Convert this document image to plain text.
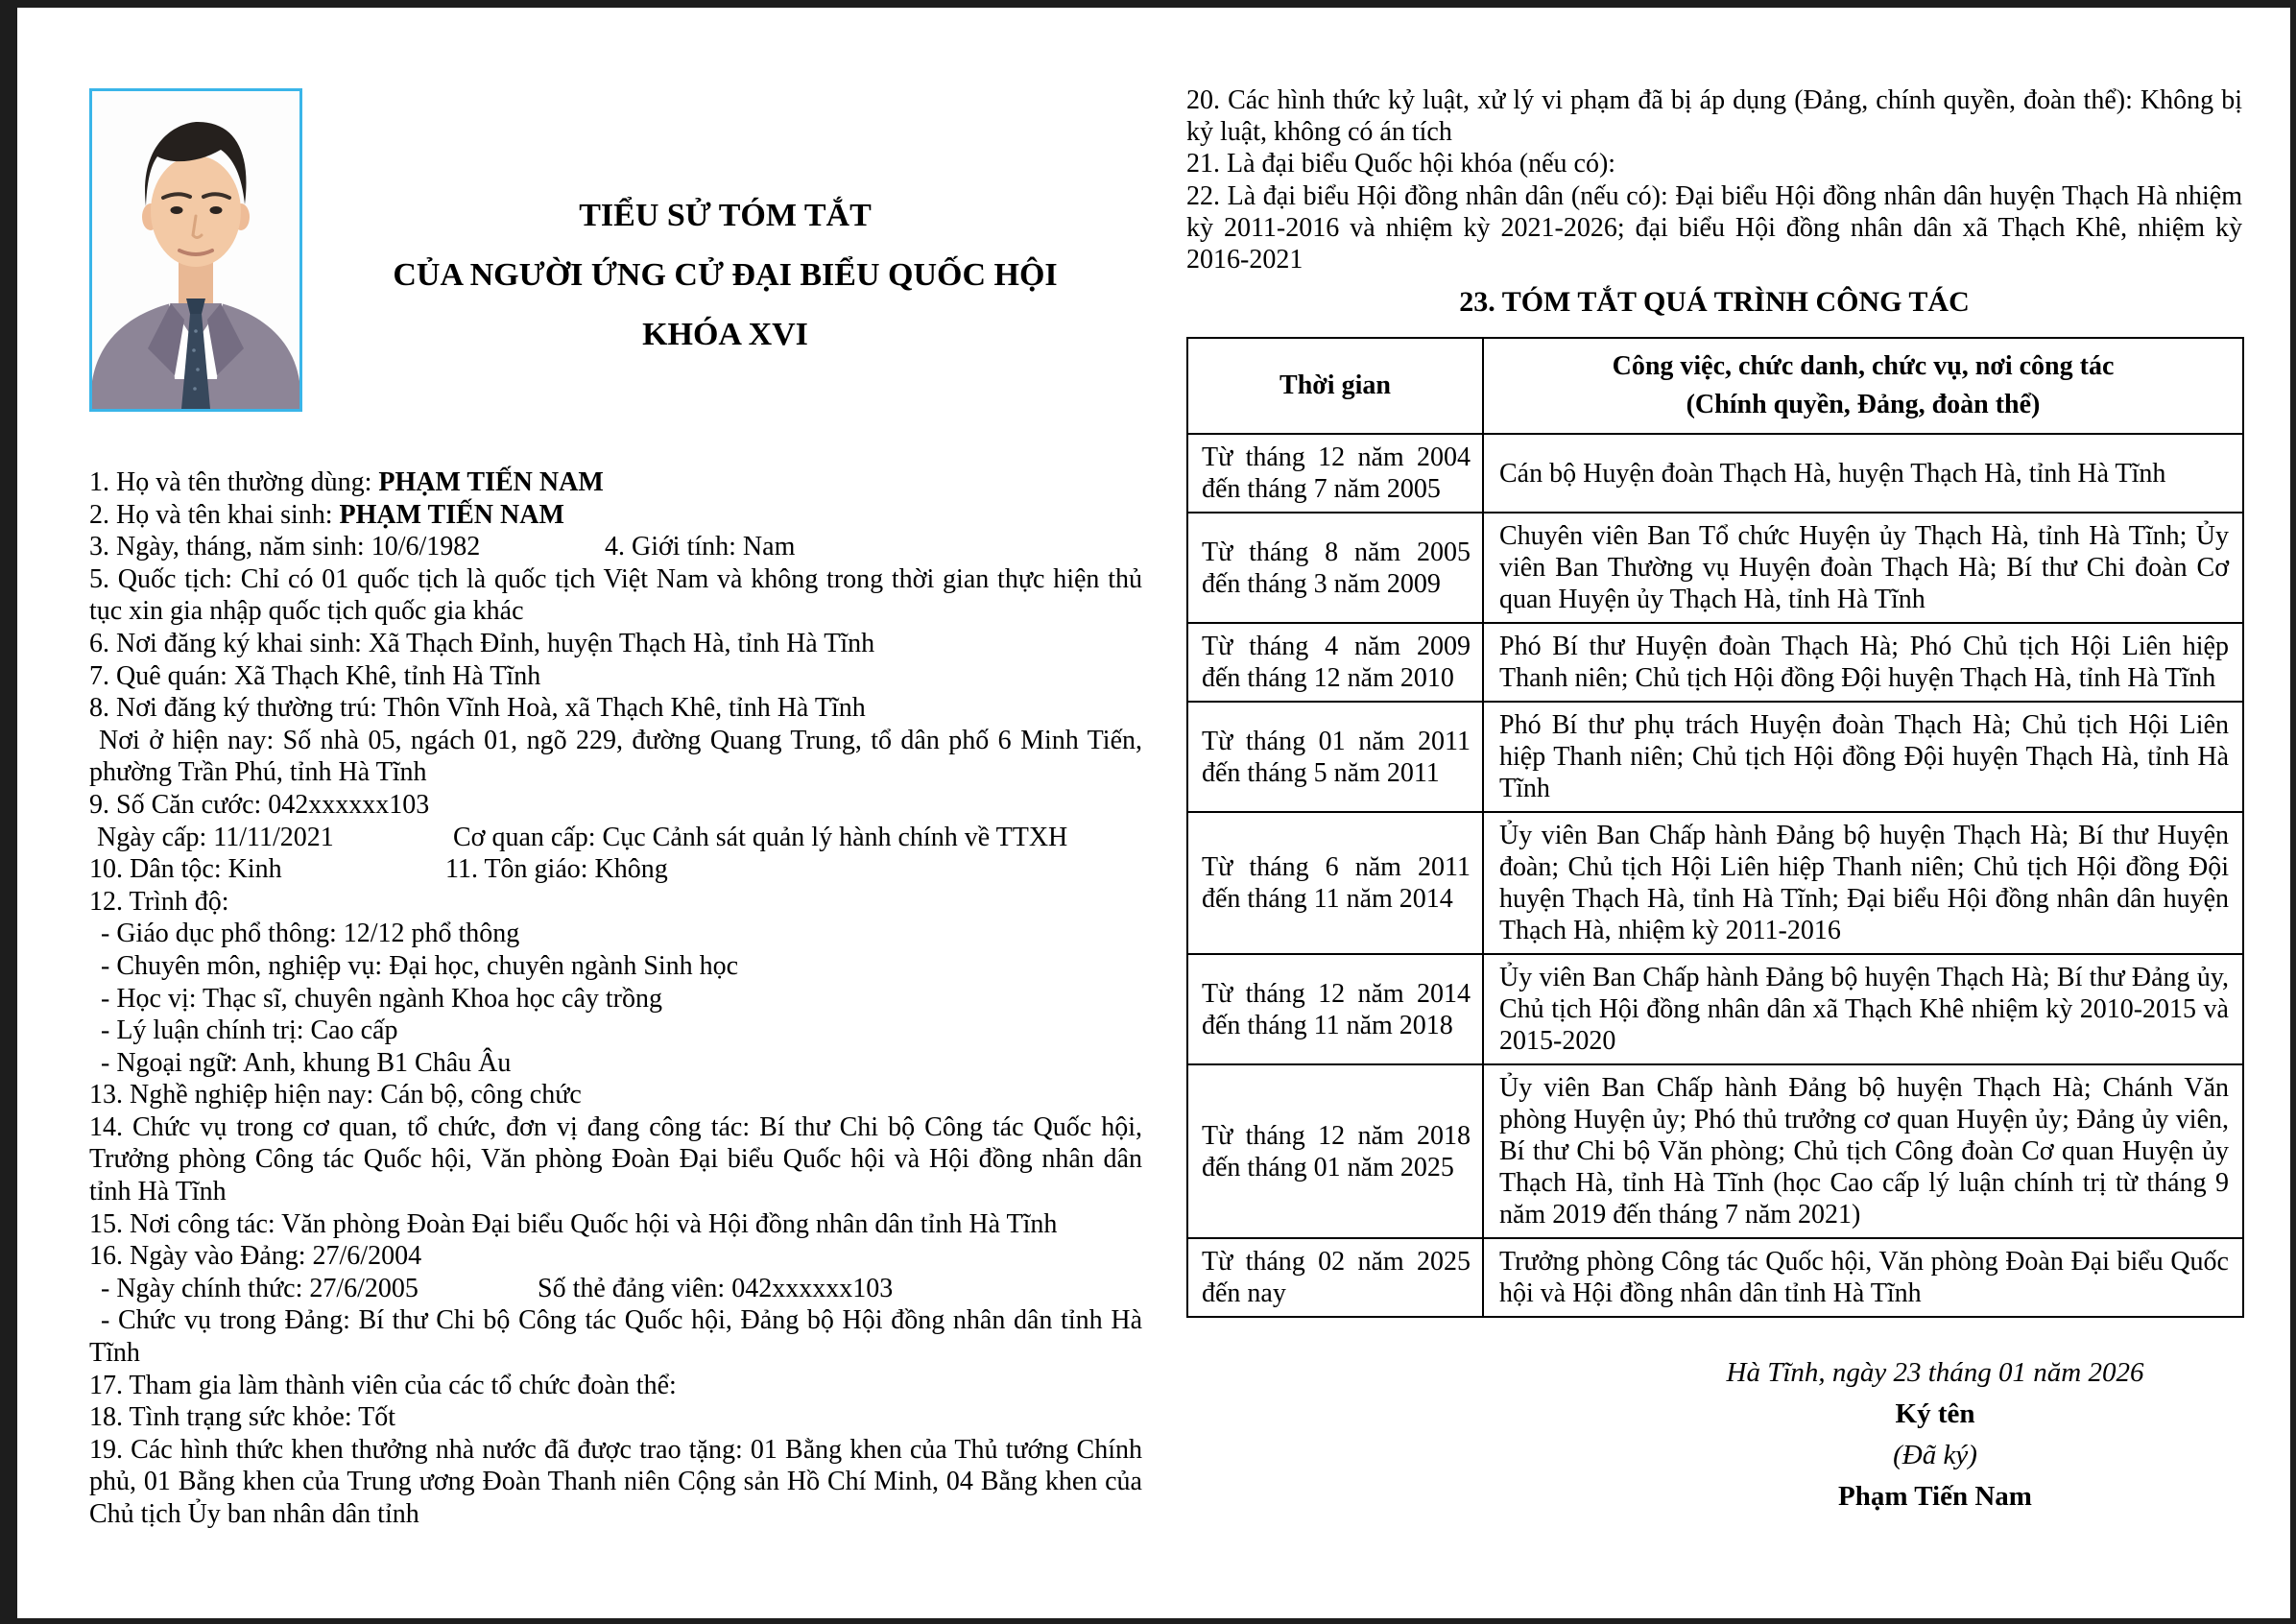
TIỂU SỬ TÓM TẮT
CỦA NGƯỜI ỨNG CỬ ĐẠI BIỂU QUỐC HỘI
KHÓA XVI

1. Họ và tên thường dùng: PHẠM TIẾN NAM

2. Họ và tên khai sinh: PHẠM TIẾN NAM

3. Ngày, tháng, năm sinh: 10/6/1982	4. Giới tính: Nam

5. Quốc tịch: Chỉ có 01 quốc tịch là quốc tịch Việt Nam và không trong thời gian thực hiện thủ tục xin gia nhập quốc tịch quốc gia khác

6. Nơi đăng ký khai sinh: Xã Thạch Đỉnh, huyện Thạch Hà, tỉnh Hà Tĩnh

7. Quê quán: Xã Thạch Khê, tỉnh Hà Tĩnh

8. Nơi đăng ký thường trú: Thôn Vĩnh Hoà, xã Thạch Khê, tỉnh Hà Tĩnh

Nơi ở hiện nay: Số nhà 05, ngách 01, ngõ 229, đường Quang Trung, tổ dân phố 6 Minh Tiến, phường Trần Phú, tỉnh Hà Tĩnh

9. Số Căn cước: 042xxxxxx103

Ngày cấp: 11/11/2021	Cơ quan cấp: Cục Cảnh sát quản lý hành chính về TTXH

10. Dân tộc: Kinh	11. Tôn giáo: Không

12. Trình độ:

- Giáo dục phổ thông: 12/12 phổ thông

- Chuyên môn, nghiệp vụ: Đại học, chuyên ngành Sinh học

- Học vị: Thạc sĩ, chuyên ngành Khoa học cây trồng

- Lý luận chính trị: Cao cấp

- Ngoại ngữ: Anh, khung B1 Châu Âu

13. Nghề nghiệp hiện nay: Cán bộ, công chức

14. Chức vụ trong cơ quan, tổ chức, đơn vị đang công tác: Bí thư Chi bộ Công tác Quốc hội, Trưởng phòng Công tác Quốc hội, Văn phòng Đoàn Đại biểu Quốc hội và Hội đồng nhân dân tỉnh Hà Tĩnh

15. Nơi công tác: Văn phòng Đoàn Đại biểu Quốc hội và Hội đồng nhân dân tỉnh Hà Tĩnh

16. Ngày vào Đảng: 27/6/2004

- Ngày chính thức: 27/6/2005	Số thẻ đảng viên: 042xxxxxx103

- Chức vụ trong Đảng: Bí thư Chi bộ Công tác Quốc hội, Đảng bộ Hội đồng nhân dân tỉnh Hà Tĩnh

17. Tham gia làm thành viên của các tổ chức đoàn thể:

18. Tình trạng sức khỏe: Tốt

19. Các hình thức khen thưởng nhà nước đã được trao tặng: 01 Bằng khen của Thủ tướng Chính phủ, 01 Bằng khen của Trung ương Đoàn Thanh niên Cộng sản Hồ Chí Minh, 04 Bằng khen của Chủ tịch Ủy ban nhân dân tỉnh

20. Các hình thức kỷ luật, xử lý vi phạm đã bị áp dụng (Đảng, chính quyền, đoàn thể): Không bị kỷ luật, không có án tích

21. Là đại biểu Quốc hội khóa (nếu có):

22. Là đại biểu Hội đồng nhân dân (nếu có): Đại biểu Hội đồng nhân dân huyện Thạch Hà nhiệm kỳ 2011-2016 và nhiệm kỳ 2021-2026; đại biểu Hội đồng nhân dân xã Thạch Khê, nhiệm kỳ 2016-2021

23. TÓM TẮT QUÁ TRÌNH CÔNG TÁC
Thời gian	Công việc, chức danh, chức vụ, nơi công tác
(Chính quyền, Đảng, đoàn thể)

Từ tháng 12 năm 2004 đến tháng 7 năm 2005	Cán bộ Huyện đoàn Thạch Hà, huyện Thạch Hà, tỉnh Hà Tĩnh
Từ tháng 8 năm 2005 đến tháng 3 năm 2009	Chuyên viên Ban Tổ chức Huyện ủy Thạch Hà, tỉnh Hà Tĩnh; Ủy viên Ban Thường vụ Huyện đoàn Thạch Hà; Bí thư Chi đoàn Cơ quan Huyện ủy Thạch Hà, tỉnh Hà Tĩnh
Từ tháng 4 năm 2009 đến tháng 12 năm 2010	Phó Bí thư Huyện đoàn Thạch Hà; Phó Chủ tịch Hội Liên hiệp Thanh niên; Chủ tịch Hội đồng Đội huyện Thạch Hà, tỉnh Hà Tĩnh
Từ tháng 01 năm 2011 đến tháng 5 năm 2011	Phó Bí thư phụ trách Huyện đoàn Thạch Hà; Chủ tịch Hội Liên hiệp Thanh niên; Chủ tịch Hội đồng Đội huyện Thạch Hà, tỉnh Hà Tĩnh
Từ tháng 6 năm 2011 đến tháng 11 năm 2014	Ủy viên Ban Chấp hành Đảng bộ huyện Thạch Hà; Bí thư Huyện đoàn; Chủ tịch Hội Liên hiệp Thanh niên; Chủ tịch Hội đồng Đội huyện Thạch Hà, tỉnh Hà Tĩnh; Đại biểu Hội đồng nhân dân huyện Thạch Hà, nhiệm kỳ 2011-2016
Từ tháng 12 năm 2014 đến tháng 11 năm 2018	Ủy viên Ban Chấp hành Đảng bộ huyện Thạch Hà; Bí thư Đảng ủy, Chủ tịch Hội đồng nhân dân xã Thạch Khê nhiệm kỳ 2010-2015 và 2015-2020
Từ tháng 12 năm 2018 đến tháng 01 năm 2025	Ủy viên Ban Chấp hành Đảng bộ huyện Thạch Hà; Chánh Văn phòng Huyện ủy; Phó thủ trưởng cơ quan Huyện ủy; Đảng ủy viên, Bí thư Chi bộ Văn phòng; Chủ tịch Công đoàn Cơ quan Huyện ủy Thạch Hà, tỉnh Hà Tĩnh (học Cao cấp lý luận chính trị từ tháng 9 năm 2019 đến tháng 7 năm 2021)
Từ tháng 02 năm 2025 đến nay	Trưởng phòng Công tác Quốc hội, Văn phòng Đoàn Đại biểu Quốc hội và Hội đồng nhân dân tỉnh Hà Tĩnh
Hà Tĩnh, ngày 23 tháng 01 năm 2026
Ký tên
(Đã ký)
Phạm Tiến Nam
